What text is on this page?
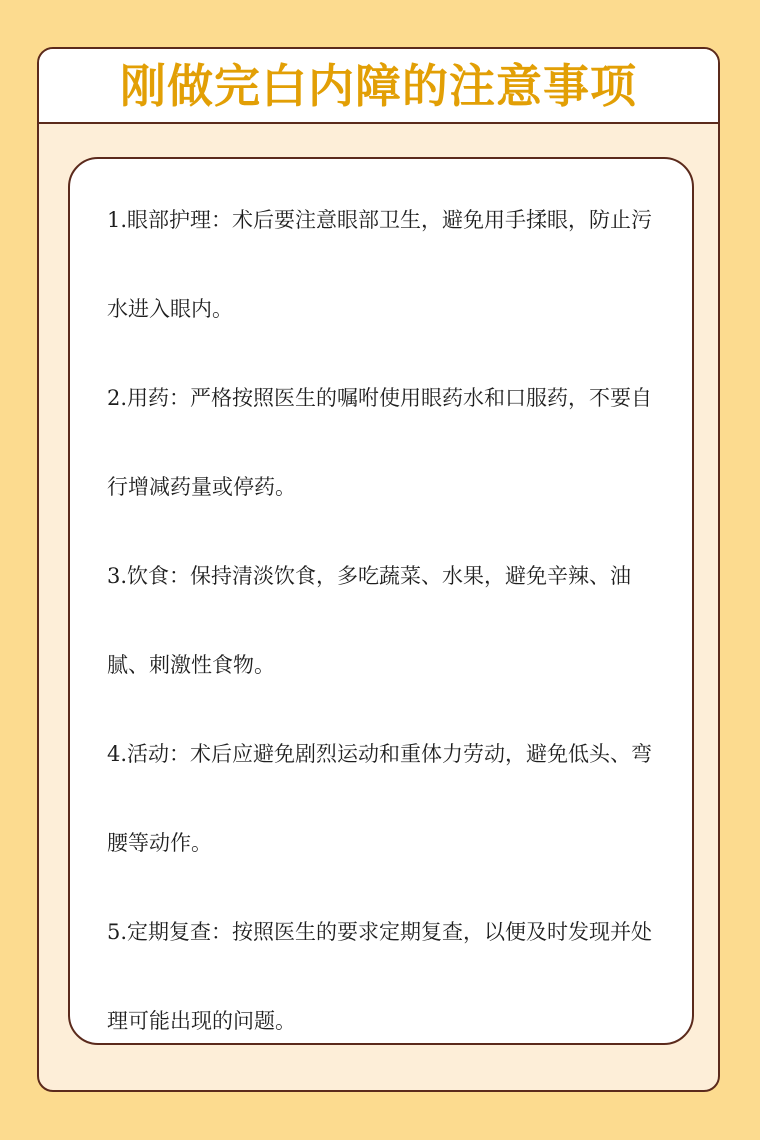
刚做完白内障的注意事项

1.眼部护理：术后要注意眼部卫生，避免用手揉眼，防止污水进入眼内。

2.用药：严格按照医生的嘱咐使用眼药水和口服药，不要自行增减药量或停药。

3.饮食：保持清淡饮食，多吃蔬菜、水果，避免辛辣、油腻、刺激性食物。

4.活动：术后应避免剧烈运动和重体力劳动，避免低头、弯腰等动作。

5.定期复查：按照医生的要求定期复查，以便及时发现并处理可能出现的问题。
